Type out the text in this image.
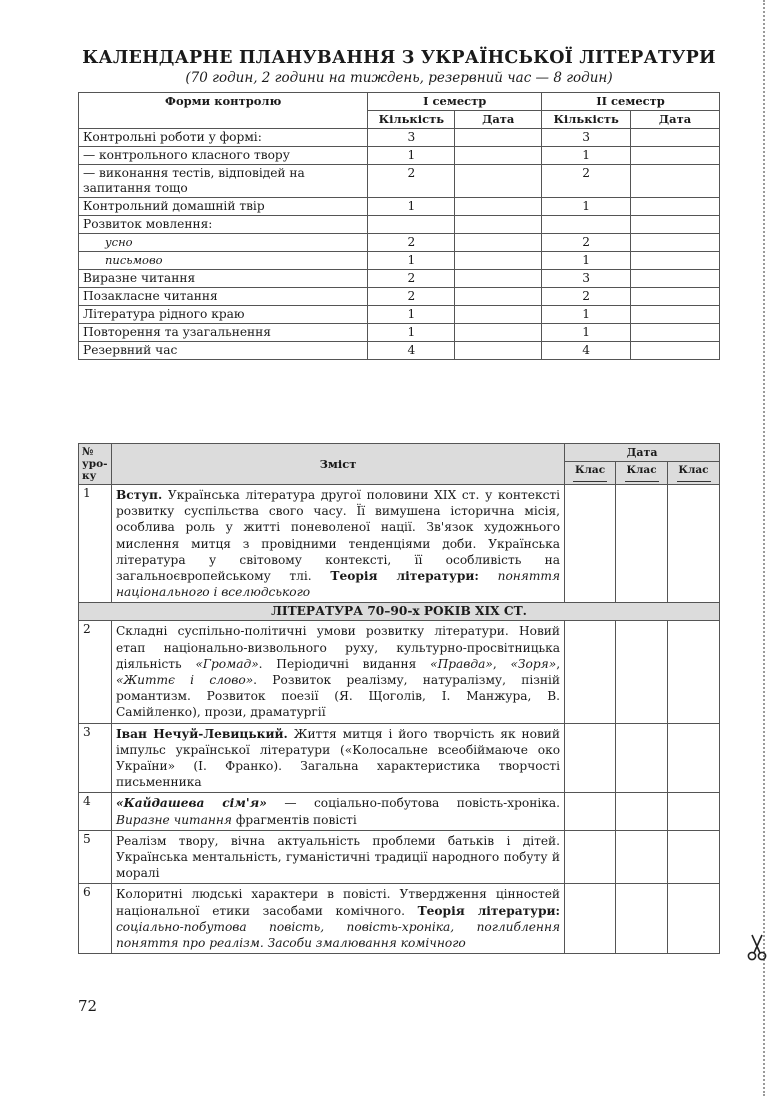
КАЛЕНДАРНЕ ПЛАНУВАННЯ З УКРАЇНСЬКОЇ ЛІТЕРАТУРИ
(70 годин, 2 години на тиждень, резервний час — 8 годин)
Форми контролю	І семестр		ІІ семестр	
	Кількість	Дата	Кількість	Дата
Контрольні роботи у формі:	3		3	
— контрольного класного твору	1		1	
— виконання тестів, відповідей на запитання тощо	2		2	
Контрольний домашній твір	1		1	
Розвиток мовлення:				
усно	2		2	
письмово	1		1	
Виразне читання	2		3	
Позакласне читання	2		2	
Література рідного краю	1		1	
Повторення та узагальнення	1		1	
Резервний час	4		4	
№ уро-ку	Зміст	Дата		
		Клас	Клас	Клас

1	Вступ. Українська література другої половини XIX ст. у контексті розвитку суспільства свого часу. Її вимушена історична місія, особлива роль у житті поневоленої нації. Зв'язок художнього мислення митця з провідними тенденціями доби. Українська література у світовому контексті, її особливість на загальноєвропейському тлі. Теорія літератури: поняття національного і вселюдського			
ЛІТЕРАТУРА 70–90-х РОКІВ XIX СТ.				
2	Складні суспільно-політичні умови розвитку літератури. Новий етап національно-визвольного руху, культурно-просвітницька діяльність «Громад». Періодичні видання «Правда», «Зоря», «Життє і слово». Розвиток реалізму, натуралізму, пізній романтизм. Розвиток поезії (Я. Щоголів, І. Манжура, В. Самійленко), прози, драматургії			
3	Іван Нечуй-Левицький. Життя митця і його творчість як новий імпульс української літератури («Колосальне всеобіймаюче око України» (І. Франко). Загальна характеристика творчості письменника			
4	«Кайдашева сім'я» — соціально-побутова повість-хроніка. Виразне читання фрагментів повісті			
5	Реалізм твору, вічна актуальність проблеми батьків і дітей. Українська ментальність, гуманістичні традиції народного побуту й моралі			
6	Колоритні людські характери в повісті. Утвердження цінностей національної етики засобами комічного. Теорія літератури: соціально-побутова повість, повість-хроніка, поглиблення поняття про реалізм. Засоби змалювання комічного			
72
